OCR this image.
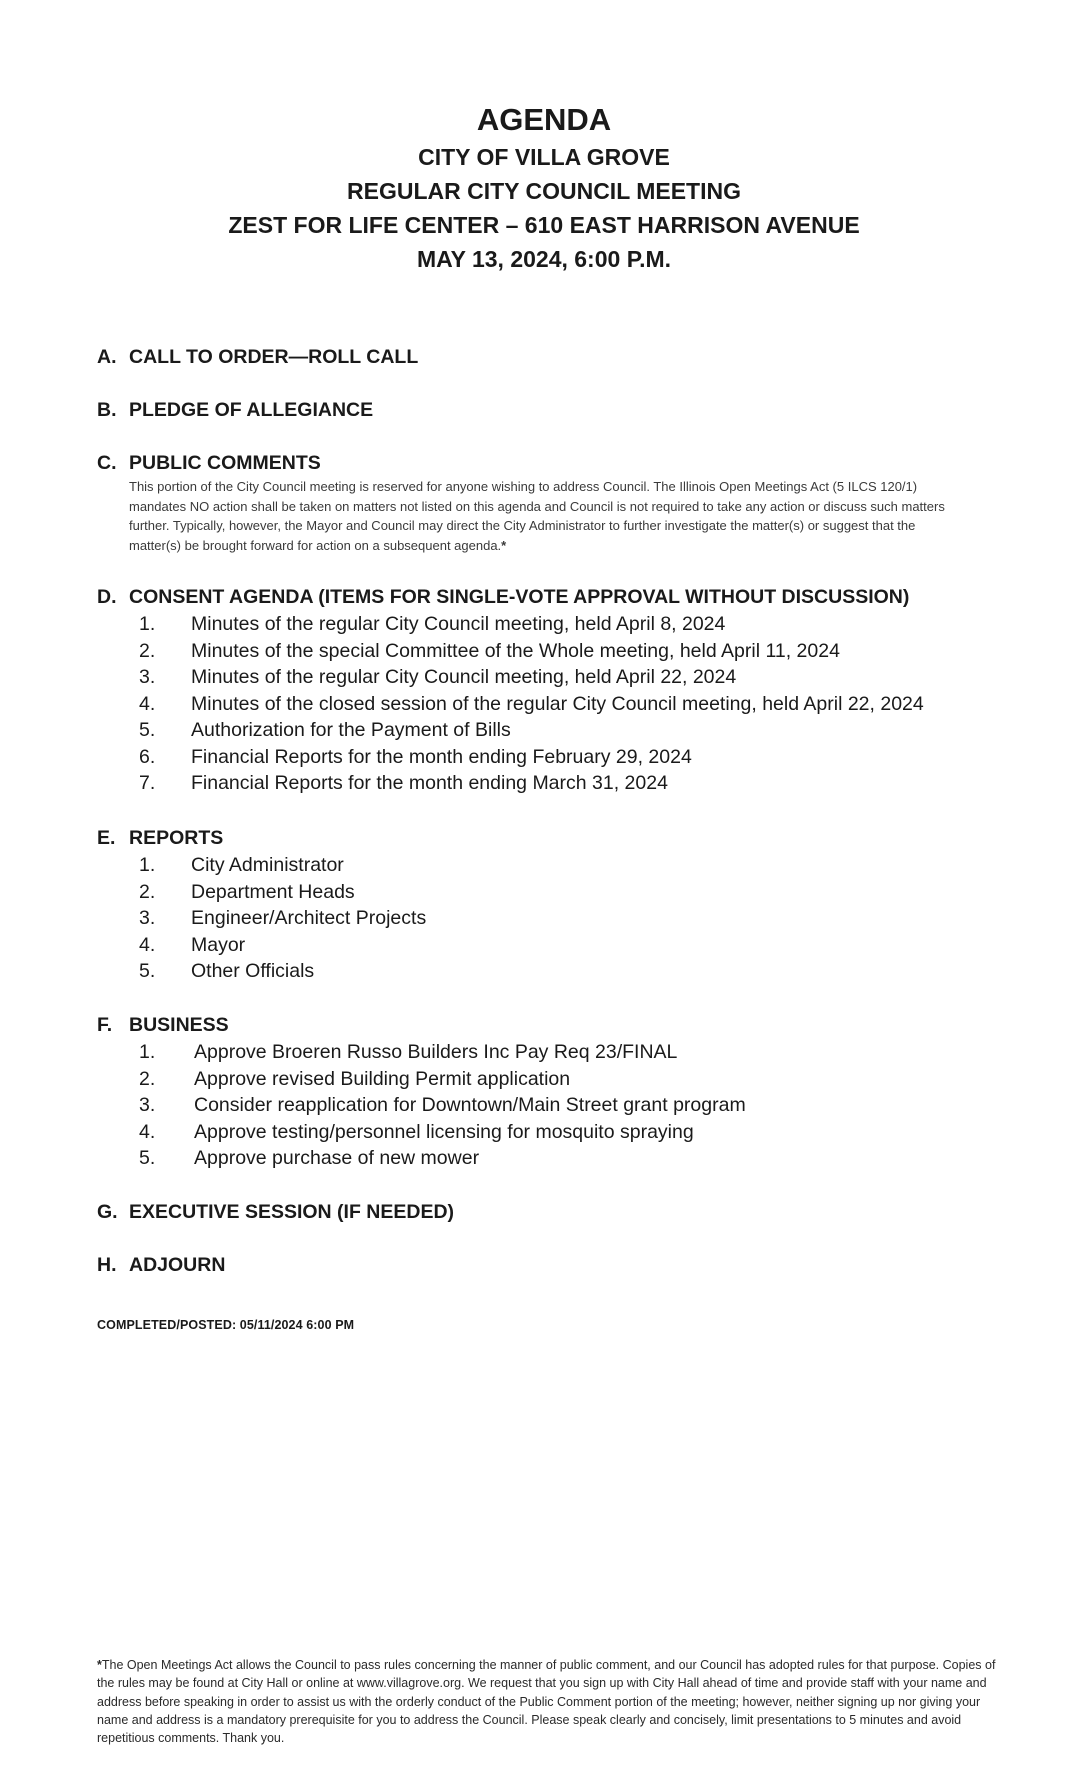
AGENDA

CITY OF VILLA GROVE

REGULAR CITY COUNCIL MEETING

ZEST FOR LIFE CENTER – 610 EAST HARRISON AVENUE

MAY 13, 2024, 6:00 P.M.

A. CALL TO ORDER—ROLL CALL
B. PLEDGE OF ALLEGIANCE
C. PUBLIC COMMENTS
This portion of the City Council meeting is reserved for anyone wishing to address Council. The Illinois Open Meetings Act (5 ILCS 120/1) mandates NO action shall be taken on matters not listed on this agenda and Council is not required to take any action or discuss such matters further. Typically, however, the Mayor and Council may direct the City Administrator to further investigate the matter(s) or suggest that the matter(s) be brought forward for action on a subsequent agenda.*
D. CONSENT AGENDA (ITEMS FOR SINGLE-VOTE APPROVAL WITHOUT DISCUSSION)
1. Minutes of the regular City Council meeting, held April 8, 2024
2. Minutes of the special Committee of the Whole meeting, held April 11, 2024
3. Minutes of the regular City Council meeting, held April 22, 2024
4. Minutes of the closed session of the regular City Council meeting, held April 22, 2024
5. Authorization for the Payment of Bills
6. Financial Reports for the month ending February 29, 2024
7. Financial Reports for the month ending March 31, 2024
E. REPORTS
1. City Administrator
2. Department Heads
3. Engineer/Architect Projects
4. Mayor
5. Other Officials
F. BUSINESS
1. Approve Broeren Russo Builders Inc Pay Req 23/FINAL
2. Approve revised Building Permit application
3. Consider reapplication for Downtown/Main Street grant program
4. Approve testing/personnel licensing for mosquito spraying
5. Approve purchase of new mower
G. EXECUTIVE SESSION (IF NEEDED)
H. ADJOURN
COMPLETED/POSTED: 05/11/2024 6:00 PM
*The Open Meetings Act allows the Council to pass rules concerning the manner of public comment, and our Council has adopted rules for that purpose. Copies of the rules may be found at City Hall or online at www.villagrove.org. We request that you sign up with City Hall ahead of time and provide staff with your name and address before speaking in order to assist us with the orderly conduct of the Public Comment portion of the meeting; however, neither signing up nor giving your name and address is a mandatory prerequisite for you to address the Council. Please speak clearly and concisely, limit presentations to 5 minutes and avoid repetitious comments. Thank you.
